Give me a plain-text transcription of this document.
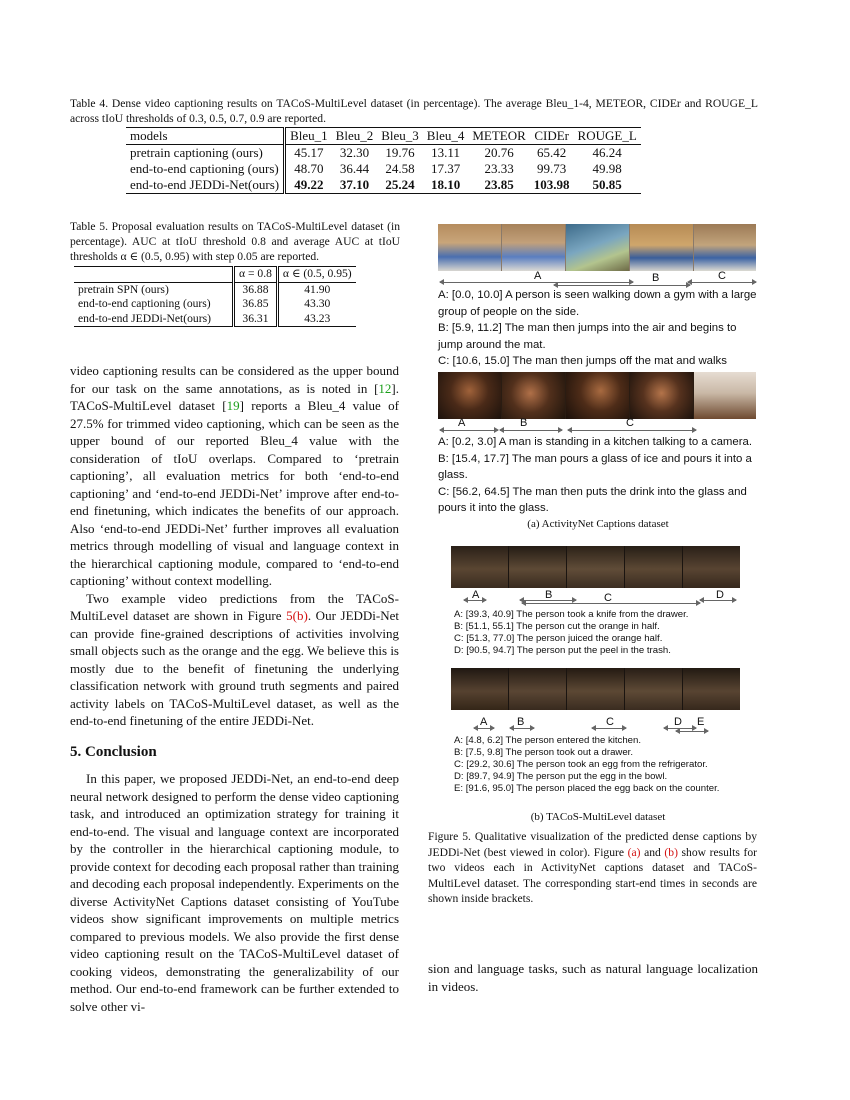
Table 4. Dense video captioning results on TACoS-MultiLevel dataset (in percentage). The average Bleu_1-4, METEOR, CIDEr and ROUGE_L across tIoU thresholds of 0.3, 0.5, 0.7, 0.9 are reported.
models	Bleu_1	Bleu_2	Bleu_3	Bleu_4	METEOR	CIDEr	ROUGE_L
pretrain captioning (ours)	45.17	32.30	19.76	13.11	20.76	65.42	46.24
end-to-end captioning (ours)	48.70	36.44	24.58	17.37	23.33	99.73	49.98
end-to-end JEDDi-Net(ours)	49.22	37.10	25.24	18.10	23.85	103.98	50.85
Table 5. Proposal evaluation results on TACoS-MultiLevel dataset (in percentage). AUC at tIoU threshold 0.8 and average AUC at tIoU thresholds α ∈ (0.5, 0.95) with step 0.05 are reported.
	α = 0.8	α ∈ (0.5, 0.95)
pretrain SPN (ours)	36.88	41.90
end-to-end captioning (ours)	36.85	43.30
end-to-end JEDDi-Net(ours)	36.31	43.23

video captioning results can be considered as the upper bound for our task on the same annotations, as is noted in [12]. TACoS-MultiLevel dataset [19] reports a Bleu_4 value of 27.5% for trimmed video captioning, which can be seen as the upper bound of our reported Bleu_4 value with the consideration of tIoU overlaps. Compared to ‘pretrain captioning’, all evaluation metrics for both ‘end-to-end captioning’ and ‘end-to-end JEDDi-Net’ improve after end-to-end finetuning, which indicates the benefits of our approach. Also ‘end-to-end JEDDi-Net’ further improves all evaluation metrics through modelling of visual and language context in the hierarchical captioning module, compared to ‘end-to-end captioning’ without context modelling.

Two example video predictions from the TACoS-MultiLevel dataset are shown in Figure 5(b). Our JEDDi-Net can provide fine-grained descriptions of activities involving small objects such as the orange and the egg. We believe this is mostly due to the benefit of finetuning the underlying classification network with ground truth segments and paired activity labels on TACoS-MultiLevel dataset, as well as the end-to-end finetuning of the entire JEDDi-Net.

5. Conclusion

In this paper, we proposed JEDDi-Net, an end-to-end deep neural network designed to perform the dense video captioning task, and introduced an optimization strategy for training it end-to-end. The visual and language context are incorporated by the controller in the hierarchical captioning module, to provide context for decoding each proposal rather than training and decoding each proposal independently. Experiments on the diverse ActivityNet Captions dataset consisting of YouTube videos show significant improvements on multiple metrics compared to previous models. We also provide the first dense video captioning result on the TACoS-MultiLevel dataset of cooking videos, demonstrating the generalizability of our method. Our end-to-end framework can be further extended to solve other vi-

A	B	C
A: [0.0, 10.0] A person is seen walking down a gym with a large group of people on the side.
B: [5.9, 11.2] The man then jumps into the air and begins to jump around the mat.
C: [10.6, 15.0] The man then jumps off the mat and walks
A	B	C
A: [0.2, 3.0] A man is standing in a kitchen talking to a camera.
B: [15.4, 17.7] The man pours a glass of ice and pours it into a glass.
C: [56.2, 64.5] The man then puts the drink into the glass and pours it into the glass.
(a) ActivityNet Captions dataset
A	B	C	D
A: [39.3, 40.9] The person took a knife from the drawer.
B: [51.1, 55.1] The person cut the orange in half.
C: [51.3, 77.0] The person juiced the orange half.
D: [90.5, 94.7] The person put the peel in the trash.
A	B	C	D E
A: [4.8, 6.2] The person entered the kitchen.
B: [7.5, 9.8] The person took out a drawer.
C: [29.2, 30.6] The person took an egg from the refrigerator.
D: [89.7, 94.9] The person put the egg in the bowl.
E: [91.6, 95.0] The person placed the egg back on the counter.
(b) TACoS-MultiLevel dataset
Figure 5. Qualitative visualization of the predicted dense captions by JEDDi-Net (best viewed in color). Figure (a) and (b) show results for two videos each in ActivityNet captions dataset and TACoS-MultiLevel dataset. The corresponding start-end times in seconds are shown inside brackets.

sion and language tasks, such as natural language localization in videos.
